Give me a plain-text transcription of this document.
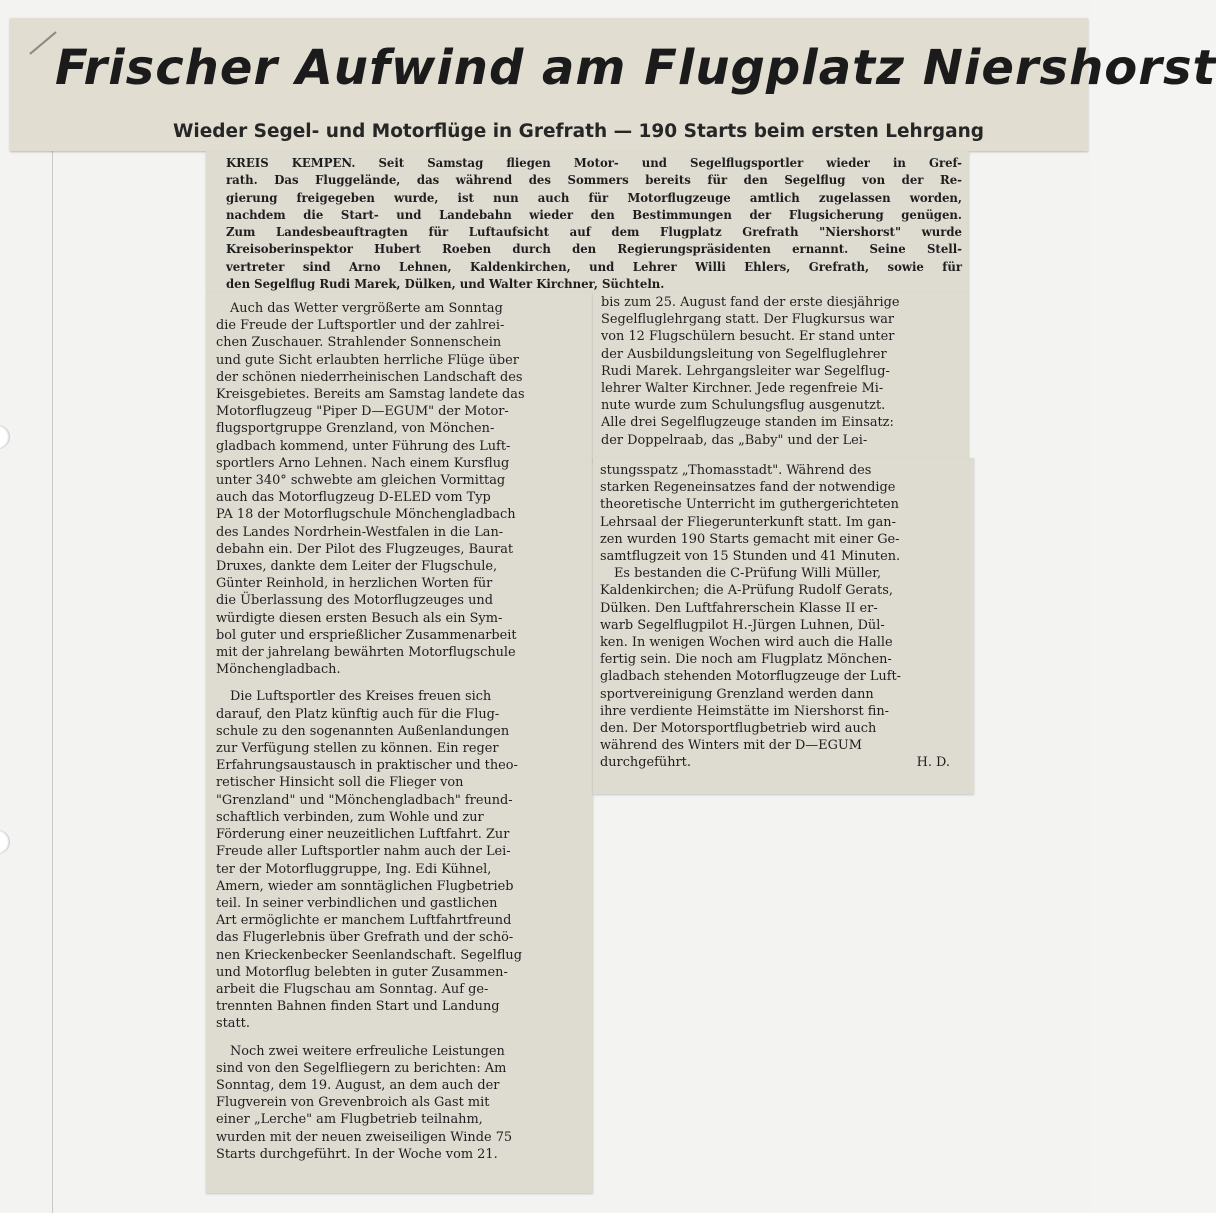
Frischer Aufwind am Flugplatz Niershorst
Wieder Segel- und Motorflüge in Grefrath — 190 Starts beim ersten Lehrgang
KREIS KEMPEN. Seit Samstag fliegen Motor- und Segelflugsportler wieder in Gref-
rath. Das Fluggelände, das während des Sommers bereits für den Segelflug von der Re-
gierung freigegeben wurde, ist nun auch für Motorflugzeuge amtlich zugelassen worden,
nachdem die Start- und Landebahn wieder den Bestimmungen der Flugsicherung genügen.
Zum Landesbeauftragten für Luftaufsicht auf dem Flugplatz Grefrath "Niershorst" wurde
Kreisoberinspektor Hubert Roeben durch den Regierungspräsidenten ernannt. Seine Stell-
vertreter sind Arno Lehnen, Kaldenkirchen, und Lehrer Willi Ehlers, Grefrath, sowie für
den Segelflug Rudi Marek, Dülken, und Walter Kirchner, Süchteln.
Auch das Wetter vergrößerte am Sonntag
die Freude der Luftsportler und der zahlrei-
chen Zuschauer. Strahlender Sonnenschein
und gute Sicht erlaubten herrliche Flüge über
der schönen niederrheinischen Landschaft des
Kreisgebietes. Bereits am Samstag landete das
Motorflugzeug "Piper D—EGUM" der Motor-
flugsportgruppe Grenzland, von Mönchen-
gladbach kommend, unter Führung des Luft-
sportlers Arno Lehnen. Nach einem Kursflug
unter 340° schwebte am gleichen Vormittag
auch das Motorflugzeug D-ELED vom Typ
PA 18 der Motorflugschule Mönchengladbach
des Landes Nordrhein-Westfalen in die Lan-
debahn ein. Der Pilot des Flugzeuges, Baurat
Druxes, dankte dem Leiter der Flugschule,
Günter Reinhold, in herzlichen Worten für
die Überlassung des Motorflugzeuges und
würdigte diesen ersten Besuch als ein Sym-
bol guter und ersprießlicher Zusammenarbeit
mit der jahrelang bewährten Motorflugschule
Mönchengladbach.
Die Luftsportler des Kreises freuen sich
darauf, den Platz künftig auch für die Flug-
schule zu den sogenannten Außenlandungen
zur Verfügung stellen zu können. Ein reger
Erfahrungsaustausch in praktischer und theo-
retischer Hinsicht soll die Flieger von
"Grenzland" und "Mönchengladbach" freund-
schaftlich verbinden, zum Wohle und zur
Förderung einer neuzeitlichen Luftfahrt. Zur
Freude aller Luftsportler nahm auch der Lei-
ter der Motorfluggruppe, Ing. Edi Kühnel,
Amern, wieder am sonntäglichen Flugbetrieb
teil. In seiner verbindlichen und gastlichen
Art ermöglichte er manchem Luftfahrtfreund
das Flugerlebnis über Grefrath und der schö-
nen Krieckenbecker Seenlandschaft. Segelflug
und Motorflug belebten in guter Zusammen-
arbeit die Flugschau am Sonntag. Auf ge-
trennten Bahnen finden Start und Landung
statt.
Noch zwei weitere erfreuliche Leistungen
sind von den Segelfliegern zu berichten: Am
Sonntag, dem 19. August, an dem auch der
Flugverein von Grevenbroich als Gast mit
einer „Lerche" am Flugbetrieb teilnahm,
wurden mit der neuen zweiseiligen Winde 75
Starts durchgeführt. In der Woche vom 21.
bis zum 25. August fand der erste diesjährige
Segelfluglehrgang statt. Der Flugkursus war
von 12 Flugschülern besucht. Er stand unter
der Ausbildungsleitung von Segelfluglehrer
Rudi Marek. Lehrgangsleiter war Segelflug-
lehrer Walter Kirchner. Jede regenfreie Mi-
nute wurde zum Schulungsflug ausgenutzt.
Alle drei Segelflugzeuge standen im Einsatz:
der Doppelraab, das „Baby" und der Lei-
stungsspatz „Thomasstadt". Während des
starken Regeneinsatzes fand der notwendige
theoretische Unterricht im guthergerichteten
Lehrsaal der Fliegerunterkunft statt. Im gan-
zen wurden 190 Starts gemacht mit einer Ge-
samtflugzeit von 15 Stunden und 41 Minuten.
Es bestanden die C-Prüfung Willi Müller,
Kaldenkirchen; die A-Prüfung Rudolf Gerats,
Dülken. Den Luftfahrerschein Klasse II er-
warb Segelflugpilot H.-Jürgen Luhnen, Dül-
ken. In wenigen Wochen wird auch die Halle
fertig sein. Die noch am Flugplatz Mönchen-
gladbach stehenden Motorflugzeuge der Luft-
sportvereinigung Grenzland werden dann
ihre verdiente Heimstätte im Niershorst fin-
den. Der Motorsportflugbetrieb wird auch
während des Winters mit der D—EGUM
durchgeführt.	H. D.
